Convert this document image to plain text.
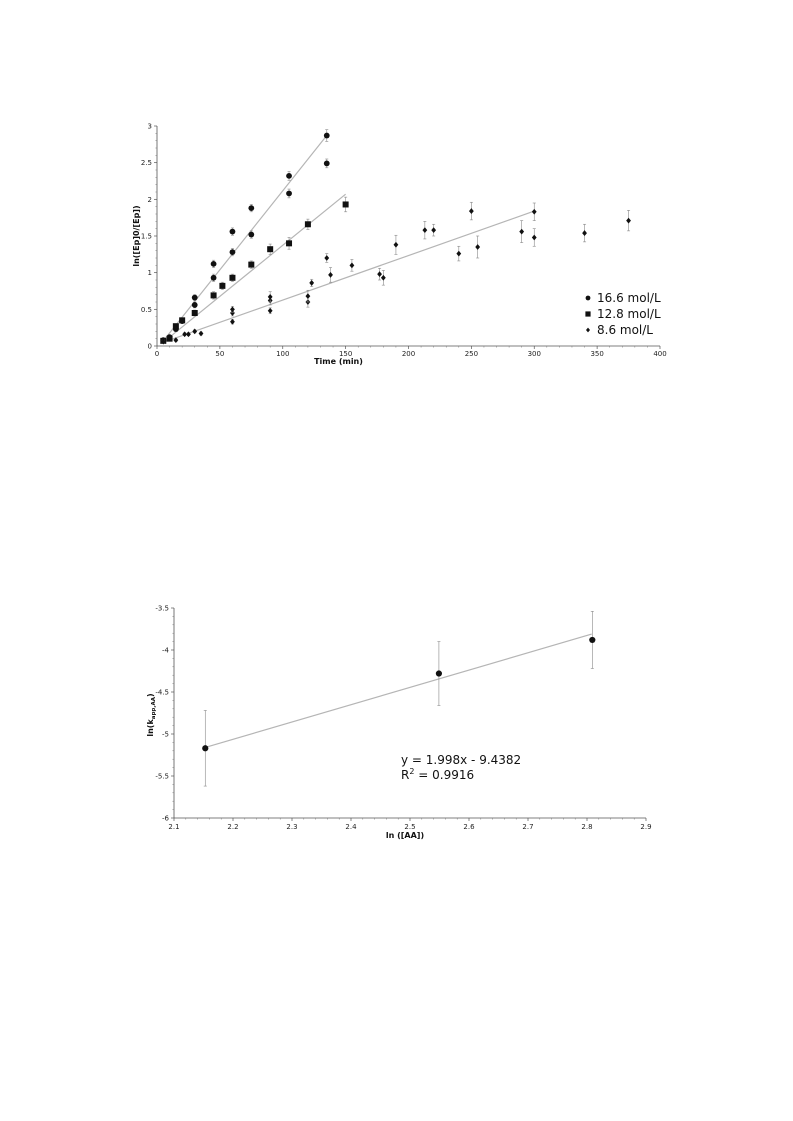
0	50	100	150	200	250	300	350	400
0
0.5
1
1.5
2
2.5
3
Time (min)
ln([Ep]0/[Ep])
16.6 mol/L
12.8 mol/L
8.6 mol/L
2.1	2.2	2.3	2.4	2.5	2.6	2.7	2.8	2.9
-3.5
-4
-4.5
-5
-5.5
-6
ln ([AA])
$\ln(k_{app,AA})$
y = 1.998x - 9.4382
$R^2 = 0.9916$
